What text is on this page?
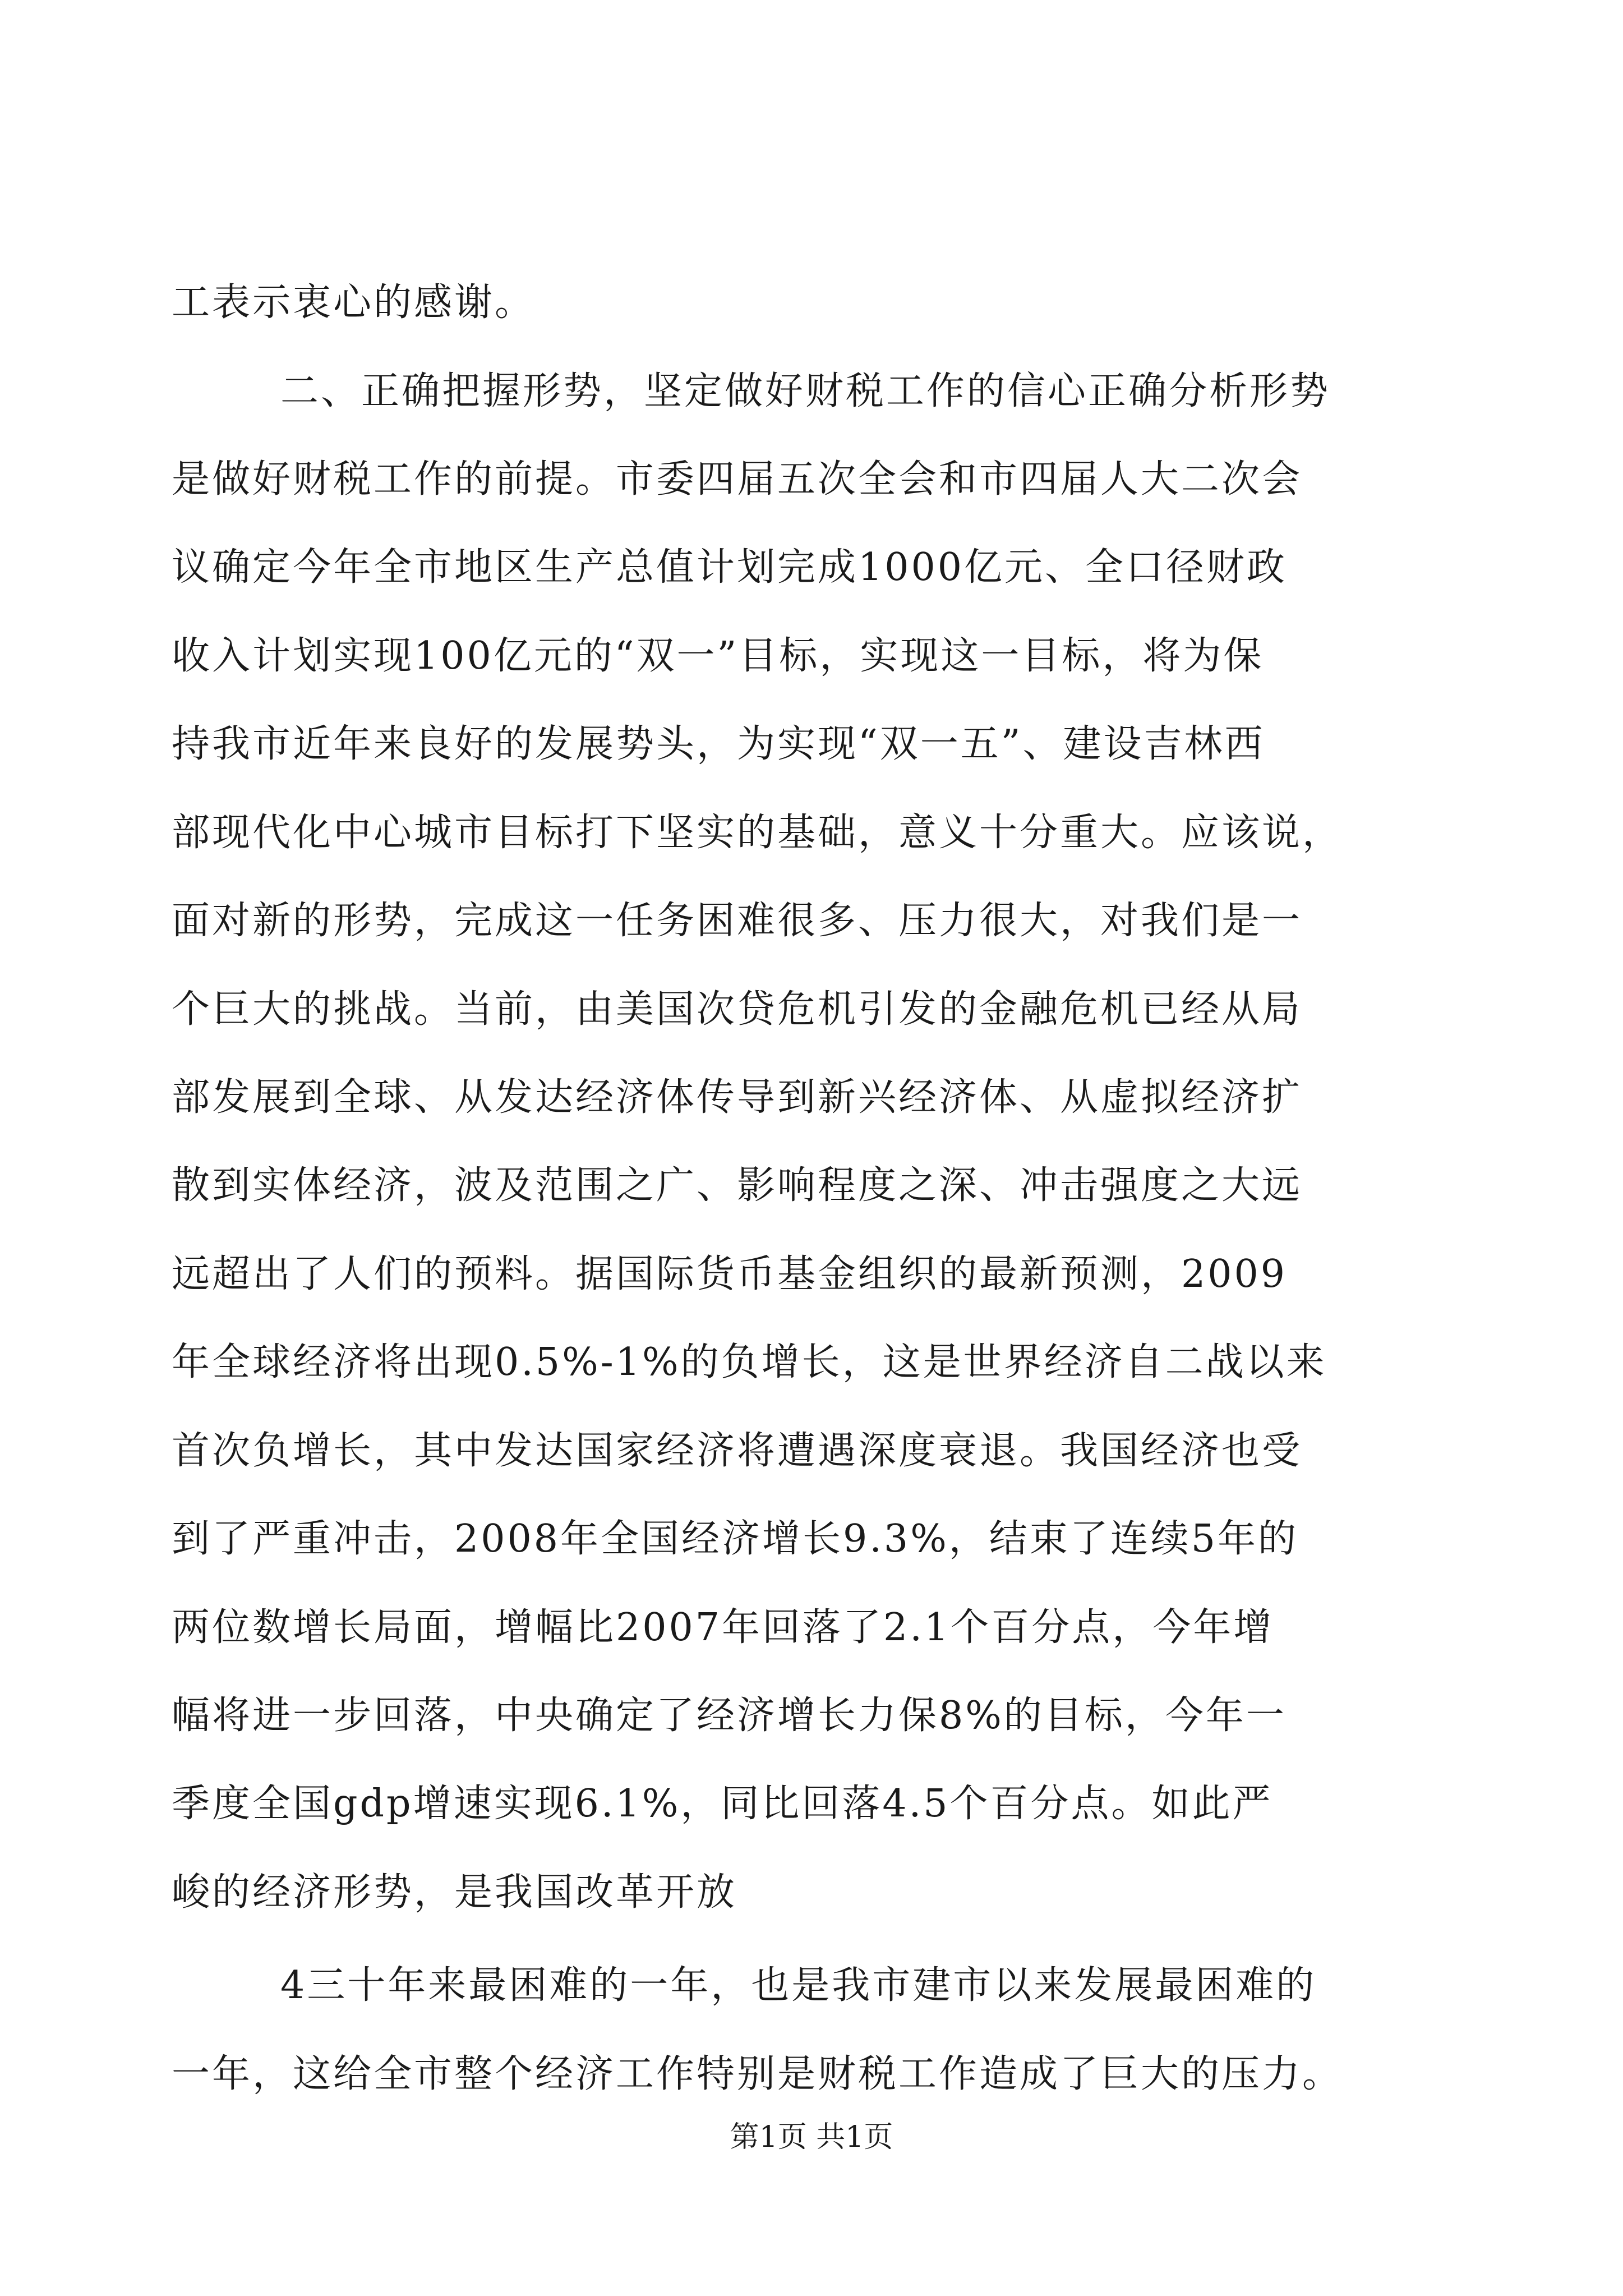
工表示衷心的感谢。
二、正确把握形势，坚定做好财税工作的信心正确分析形势
是做好财税工作的前提。市委四届五次全会和市四届人大二次会
议确定今年全市地区生产总值计划完成1000亿元、全口径财政
收入计划实现100亿元的“双一”目标，实现这一目标，将为保
持我市近年来良好的发展势头，为实现“双一五”、建设吉林西
部现代化中心城市目标打下坚实的基础，意义十分重大。应该说，
面对新的形势，完成这一任务困难很多、压力很大，对我们是一
个巨大的挑战。当前，由美国次贷危机引发的金融危机已经从局
部发展到全球、从发达经济体传导到新兴经济体、从虚拟经济扩
散到实体经济，波及范围之广、影响程度之深、冲击强度之大远
远超出了人们的预料。据国际货币基金组织的最新预测，2009
年全球经济将出现0.5%-1%的负增长，这是世界经济自二战以来
首次负增长，其中发达国家经济将遭遇深度衰退。我国经济也受
到了严重冲击，2008年全国经济增长9.3%，结束了连续5年的
两位数增长局面，增幅比2007年回落了2.1个百分点，今年增
幅将进一步回落，中央确定了经济增长力保8%的目标，今年一
季度全国gdp增速实现6.1%，同比回落4.5个百分点。如此严
峻的经济形势，是我国改革开放
4三十年来最困难的一年，也是我市建市以来发展最困难的
一年，这给全市整个经济工作特别是财税工作造成了巨大的压力。
第1页 共1页
